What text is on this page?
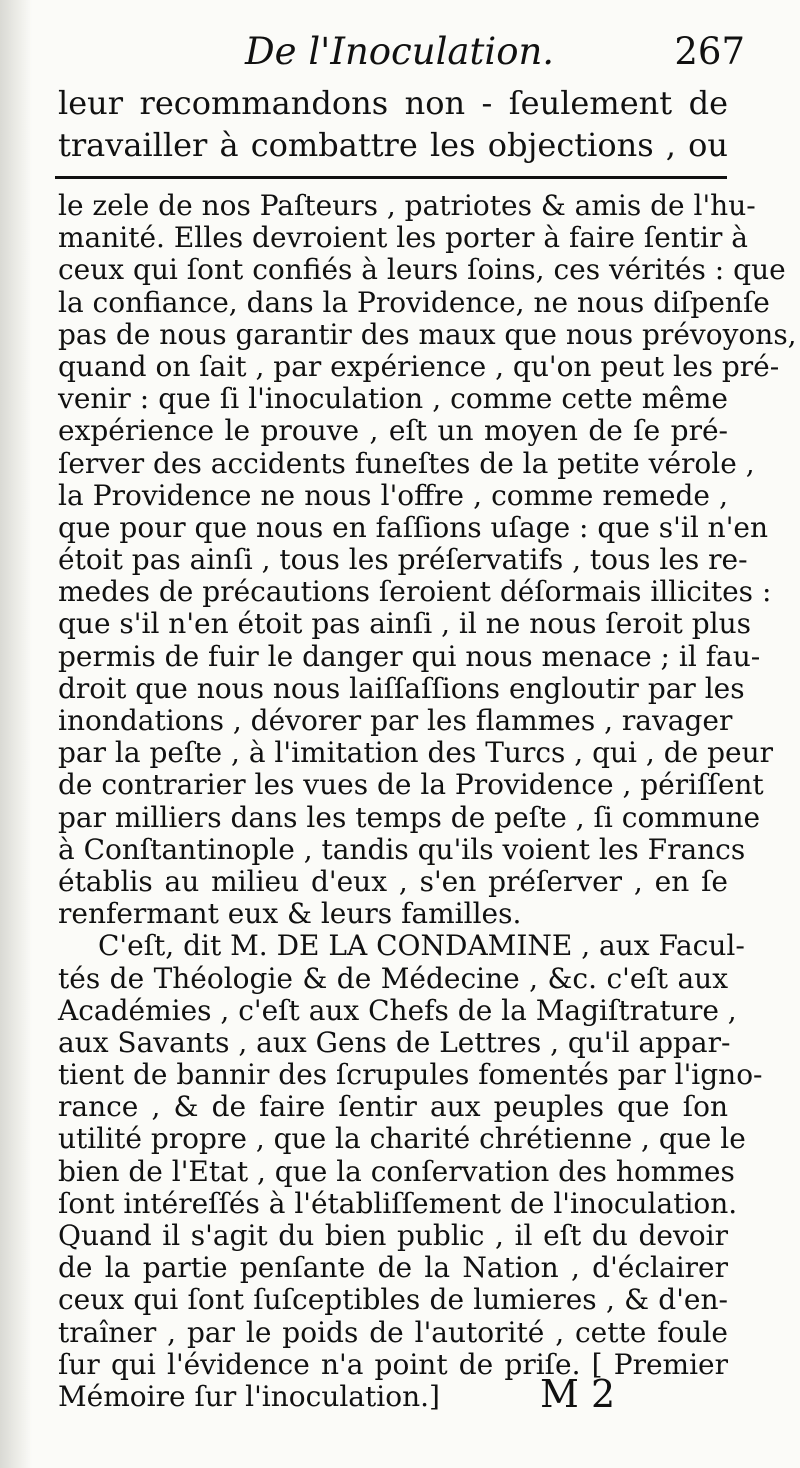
De l'Inoculation.	267
leur recommandons non - ſeulement de
travailler à combattre les objections , ou
le zele de nos Paſteurs , patriotes & amis de l'hu-
manité. Elles devroient les porter à faire ſentir à
ceux qui ſont confiés à leurs ſoins, ces vérités : que
la confiance, dans la Providence, ne nous diſpenſe
pas de nous garantir des maux que nous prévoyons,
quand on ſait , par expérience , qu'on peut les pré-
venir : que ſi l'inoculation , comme cette même
expérience le prouve , eſt un moyen de ſe pré-
ſerver des accidents funeſtes de la petite vérole ,
la Providence ne nous l'offre , comme remede ,
que pour que nous en faſſions uſage : que s'il n'en
étoit pas ainſi , tous les préſervatifs , tous les re-
medes de précautions ſeroient déſormais illicites :
que s'il n'en étoit pas ainſi , il ne nous ſeroit plus
permis de fuir le danger qui nous menace ; il fau-
droit que nous nous laiſſaſſions engloutir par les
inondations , dévorer par les flammes , ravager
par la peſte , à l'imitation des Turcs , qui , de peur
de contrarier les vues de la Providence , périſſent
par milliers dans les temps de peſte , ſi commune
à Conſtantinople , tandis qu'ils voient les Francs
établis au milieu d'eux , s'en préſerver , en ſe
renfermant eux & leurs familles.
C'eſt, dit M. DE LA CONDAMINE , aux Facul-
tés de Théologie & de Médecine , &c. c'eſt aux
Académies , c'eſt aux Chefs de la Magiſtrature ,
aux Savants , aux Gens de Lettres , qu'il appar-
tient de bannir des ſcrupules fomentés par l'igno-
rance , & de faire ſentir aux peuples que ſon
utilité propre , que la charité chrétienne , que le
bien de l'Etat , que la conſervation des hommes
ſont intéreſſés à l'établiſſement de l'inoculation.
Quand il s'agit du bien public , il eſt du devoir
de la partie penſante de la Nation , d'éclairer
ceux qui ſont ſuſceptibles de lumieres , & d'en-
traîner , par le poids de l'autorité , cette foule
ſur qui l'évidence n'a point de priſe. [ Premier
Mémoire ſur l'inoculation.]	M 2
